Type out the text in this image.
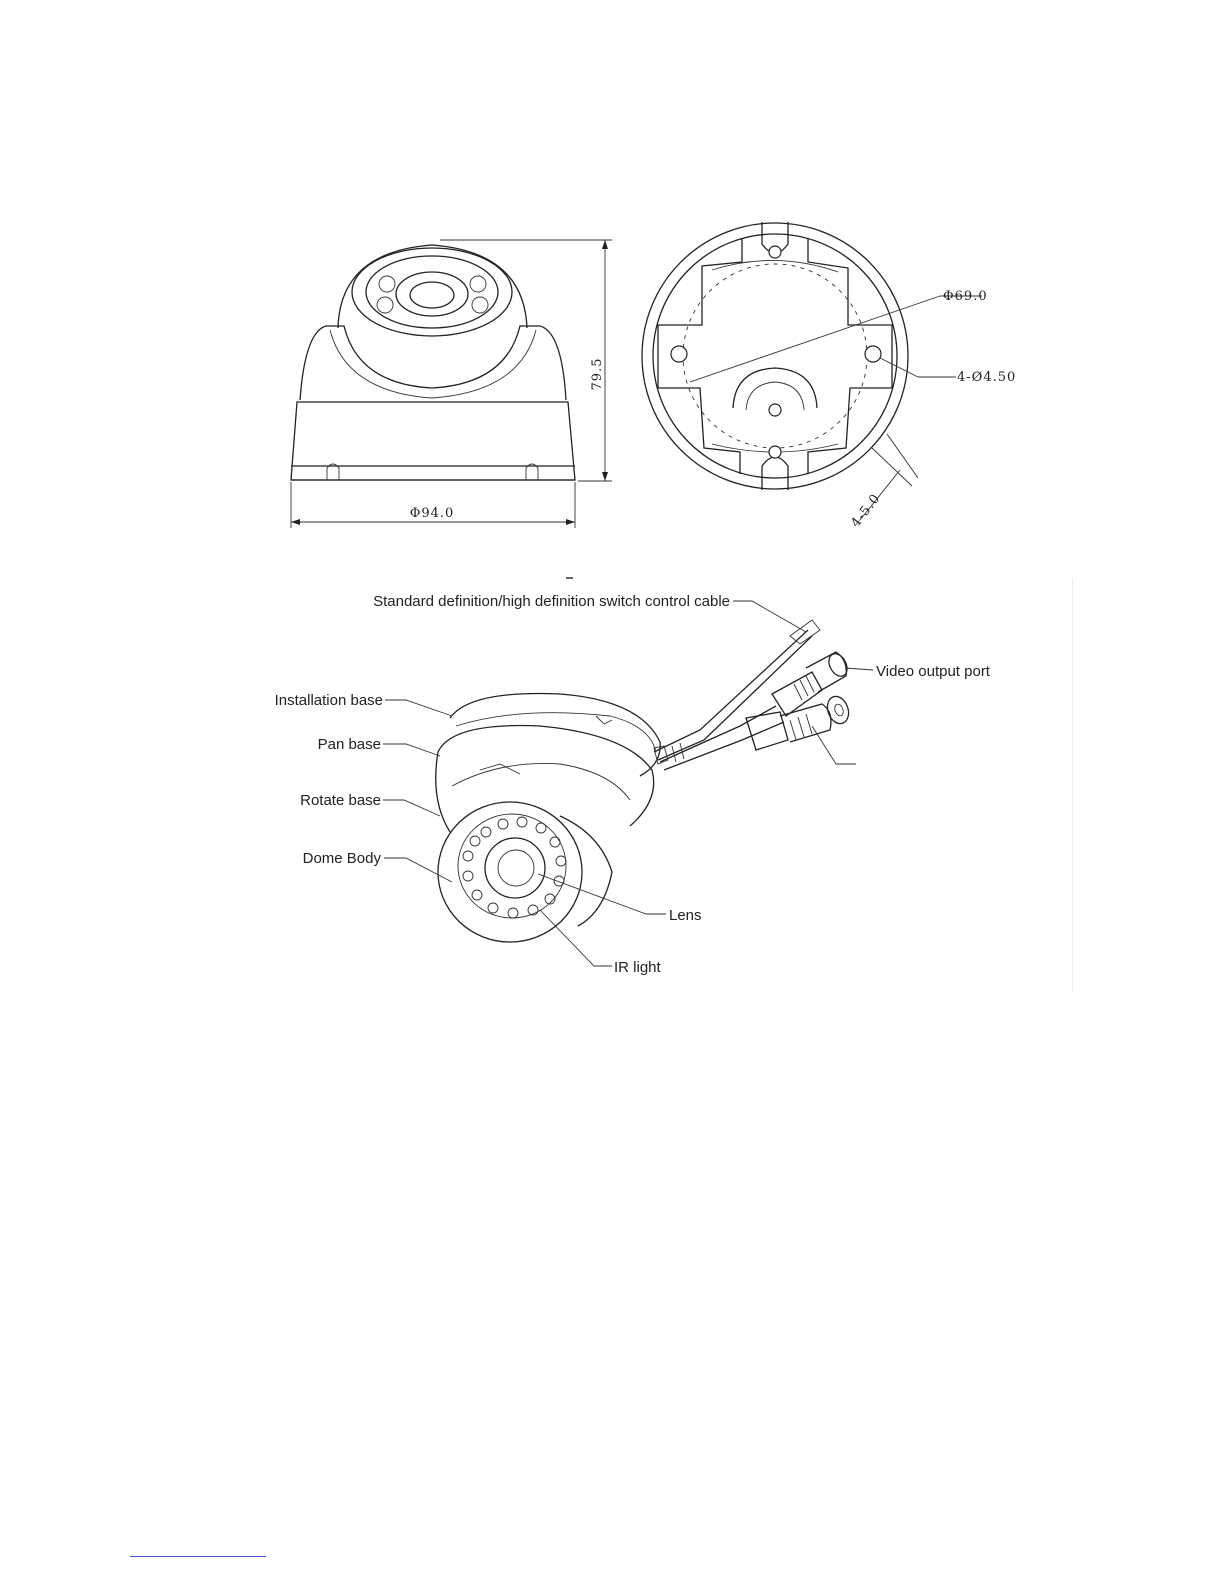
79.5
Φ94.0
Φ69.0
4-Ø4.50
4-5.0
Standard definition/high definition switch control cable
Video output port
Installation base
Pan base
Rotate base
Dome Body
Lens
IR light
